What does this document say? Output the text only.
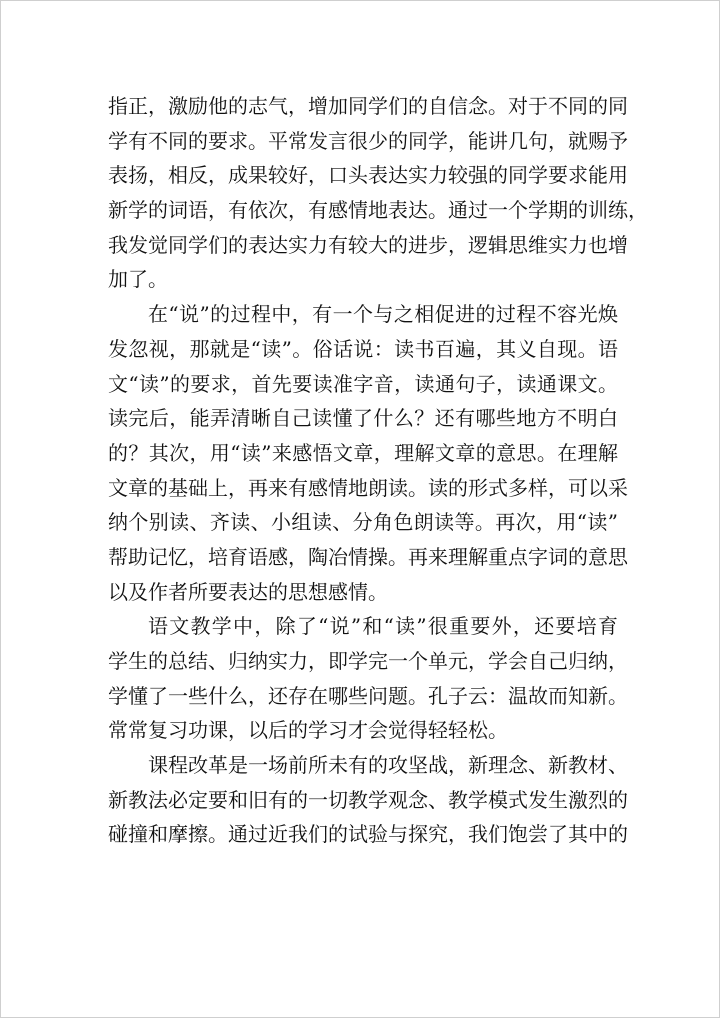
指正，激励他的志气，增加同学们的自信念。对于不同的同
学有不同的要求。平常发言很少的同学，能讲几句，就赐予
表扬，相反，成果较好，口头表达实力较强的同学要求能用
新学的词语，有依次，有感情地表达。通过一个学期的训练，
我发觉同学们的表达实力有较大的进步，逻辑思维实力也增
加了。
在“说”的过程中，有一个与之相促进的过程不容光焕
发忽视，那就是“读”。俗话说：读书百遍，其义自现。语
文“读”的要求，首先要读准字音，读通句子，读通课文。
读完后，能弄清晰自己读懂了什么？还有哪些地方不明白
的？其次，用“读”来感悟文章，理解文章的意思。在理解
文章的基础上，再来有感情地朗读。读的形式多样，可以采
纳个别读、齐读、小组读、分角色朗读等。再次，用“读”
帮助记忆，培育语感，陶冶情操。再来理解重点字词的意思
以及作者所要表达的思想感情。
语文教学中，除了“说”和“读”很重要外，还要培育
学生的总结、归纳实力，即学完一个单元，学会自己归纳，
学懂了一些什么，还存在哪些问题。孔子云：温故而知新。
常常复习功课，以后的学习才会觉得轻轻松。
课程改革是一场前所未有的攻坚战，新理念、新教材、
新教法必定要和旧有的一切教学观念、教学模式发生激烈的
碰撞和摩擦。通过近我们的试验与探究，我们饱尝了其中的
